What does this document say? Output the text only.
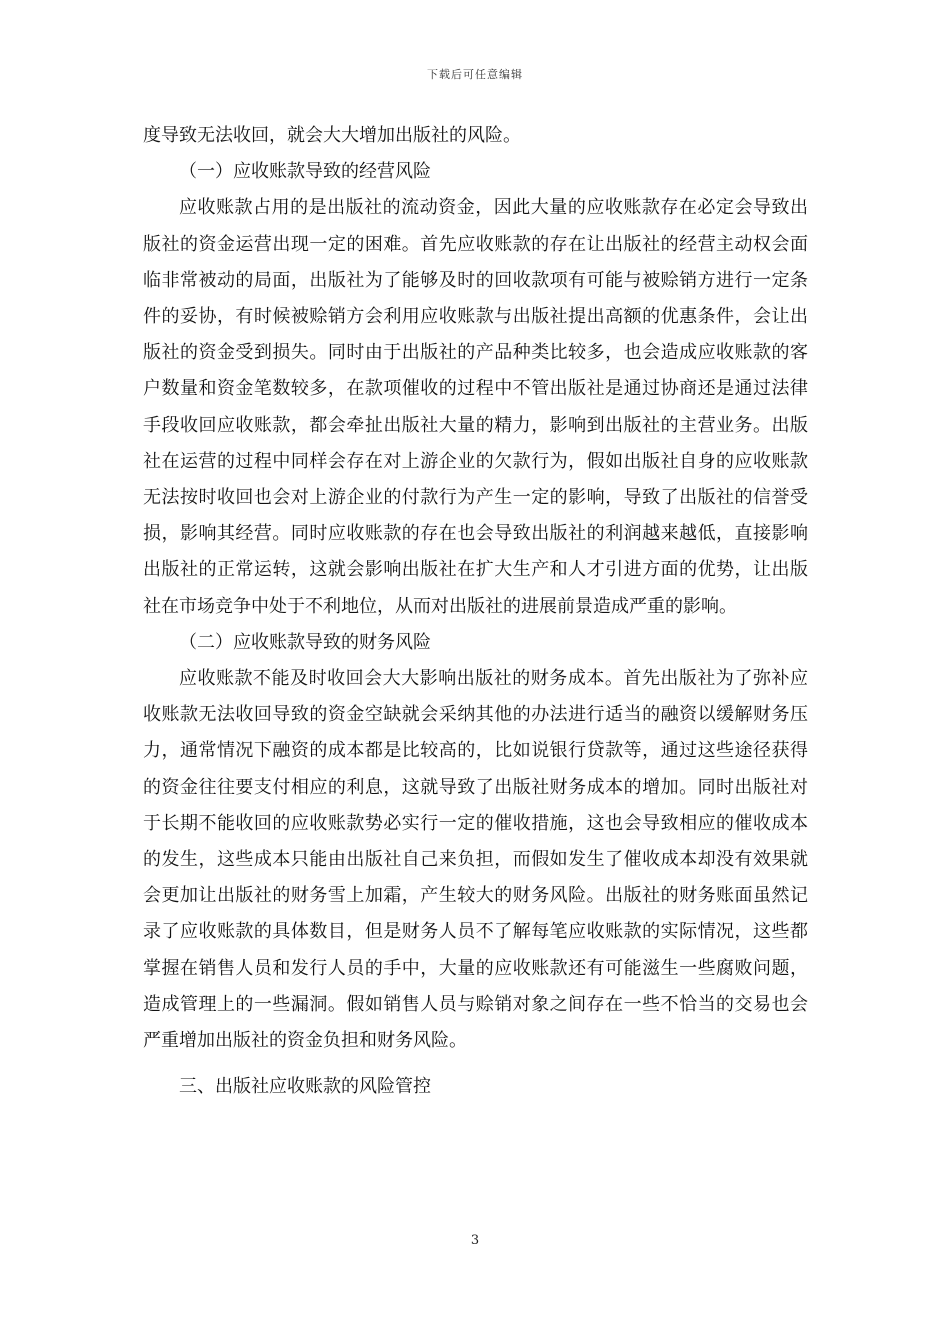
下载后可任意编辑

度导致无法收回，就会大大增加出版社的风险。

（一）应收账款导致的经营风险

应收账款占用的是出版社的流动资金，因此大量的应收账款存在必定会导致出版社的资金运营出现一定的困难。首先应收账款的存在让出版社的经营主动权会面临非常被动的局面，出版社为了能够及时的回收款项有可能与被赊销方进行一定条件的妥协，有时候被赊销方会利用应收账款与出版社提出高额的优惠条件，会让出版社的资金受到损失。同时由于出版社的产品种类比较多，也会造成应收账款的客户数量和资金笔数较多，在款项催收的过程中不管出版社是通过协商还是通过法律手段收回应收账款，都会牵扯出版社大量的精力，影响到出版社的主营业务。出版社在运营的过程中同样会存在对上游企业的欠款行为，假如出版社自身的应收账款无法按时收回也会对上游企业的付款行为产生一定的影响，导致了出版社的信誉受损，影响其经营。同时应收账款的存在也会导致出版社的利润越来越低，直接影响出版社的正常运转，这就会影响出版社在扩大生产和人才引进方面的优势，让出版社在市场竞争中处于不利地位，从而对出版社的进展前景造成严重的影响。

（二）应收账款导致的财务风险

应收账款不能及时收回会大大影响出版社的财务成本。首先出版社为了弥补应收账款无法收回导致的资金空缺就会采纳其他的办法进行适当的融资以缓解财务压力，通常情况下融资的成本都是比较高的，比如说银行贷款等，通过这些途径获得的资金往往要支付相应的利息，这就导致了出版社财务成本的增加。同时出版社对于长期不能收回的应收账款势必实行一定的催收措施，这也会导致相应的催收成本的发生，这些成本只能由出版社自己来负担，而假如发生了催收成本却没有效果就会更加让出版社的财务雪上加霜，产生较大的财务风险。出版社的财务账面虽然记录了应收账款的具体数目，但是财务人员不了解每笔应收账款的实际情况，这些都掌握在销售人员和发行人员的手中，大量的应收账款还有可能滋生一些腐败问题，造成管理上的一些漏洞。假如销售人员与赊销对象之间存在一些不恰当的交易也会严重增加出版社的资金负担和财务风险。

三、出版社应收账款的风险管控

3
